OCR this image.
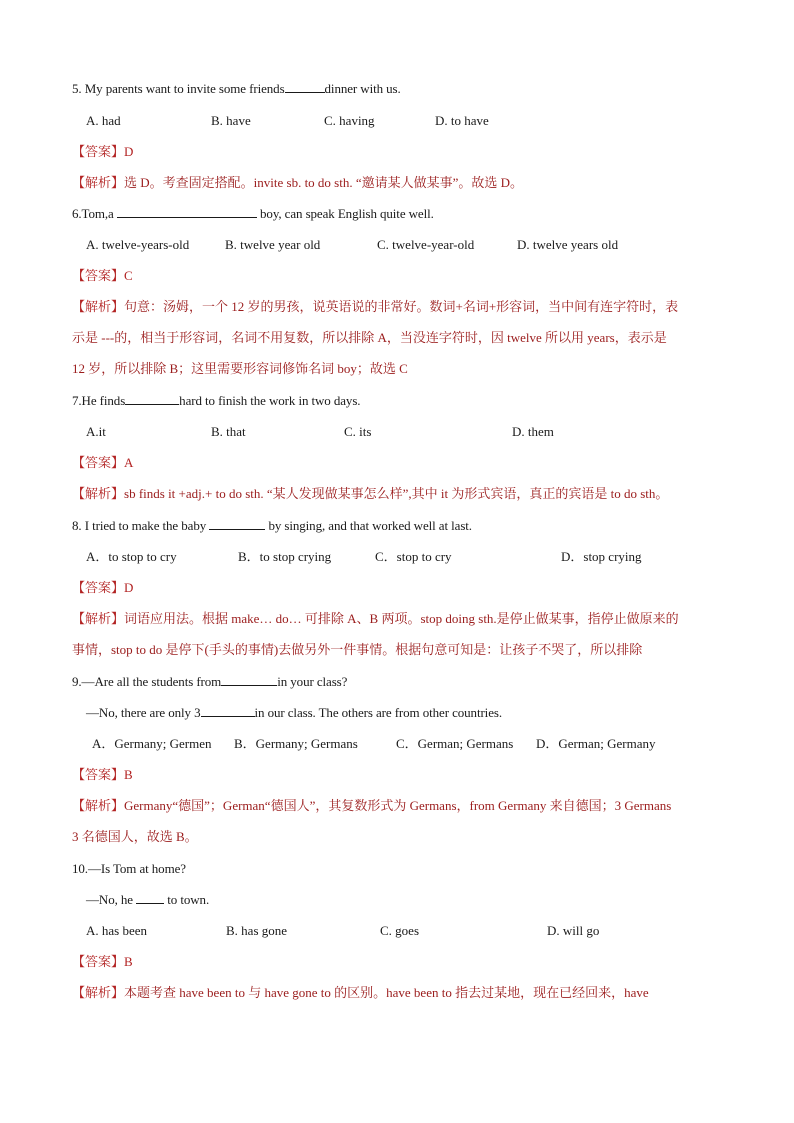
5. My parents want to invite some friends	dinner with us.
A. had	B. have	C. having	D. to have
【答案】D
【解析】选 D。考查固定搭配。invite sb. to do sth. “邀请某人做某事”。故选 D。
6.Tom,a	boy, can speak English quite well.
A. twelve-years-old	B. twelve year old	C. twelve-year-old	D. twelve years old
【答案】C
【解析】句意：汤姆，一个 12 岁的男孩，说英语说的非常好。数词+名词+形容词，当中间有连字符时，表
示是 ---的，相当于形容词，名词不用复数，所以排除 A，当没连字符时，因 twelve 所以用 years，表示是
12 岁，所以排除 B；这里需要形容词修饰名词 boy；故选 C
7.He finds	hard to finish the work in two days.
A.it	B. that	C. its	D. them
【答案】A
【解析】sb finds it +adj.+ to do sth. “某人发现做某事怎么样”,其中 it 为形式宾语，真正的宾语是 to do sth。
8. I tried to make the baby	by singing, and that worked well at last.
A．to stop to cry	B．to stop crying	C．stop to cry	D．stop crying
【答案】D
【解析】词语应用法。根据 make… do… 可排除 A、B 两项。stop doing sth.是停止做某事，指停止做原来的
事情，stop to do 是停下(手头的事情)去做另外一件事情。根据句意可知是：让孩子不哭了，所以排除
9.—Are all the students from	in your class?
—No, there are only 3	in our class. The others are from other countries.
A．Germany; Germen B．Germany; Germans	C．German; Germans D．German; Germany
【答案】B
【解析】Germany“德国”；German“德国人”，其复数形式为 Germans，from Germany 来自德国；3 Germans
3 名德国人，故选 B。
10.—Is Tom at home?
—No, he	to town.
A. has been	B. has gone	C. goes	D. will go
【答案】B
【解析】本题考查 have been to 与 have gone to 的区别。have been to 指去过某地，现在已经回来，have
